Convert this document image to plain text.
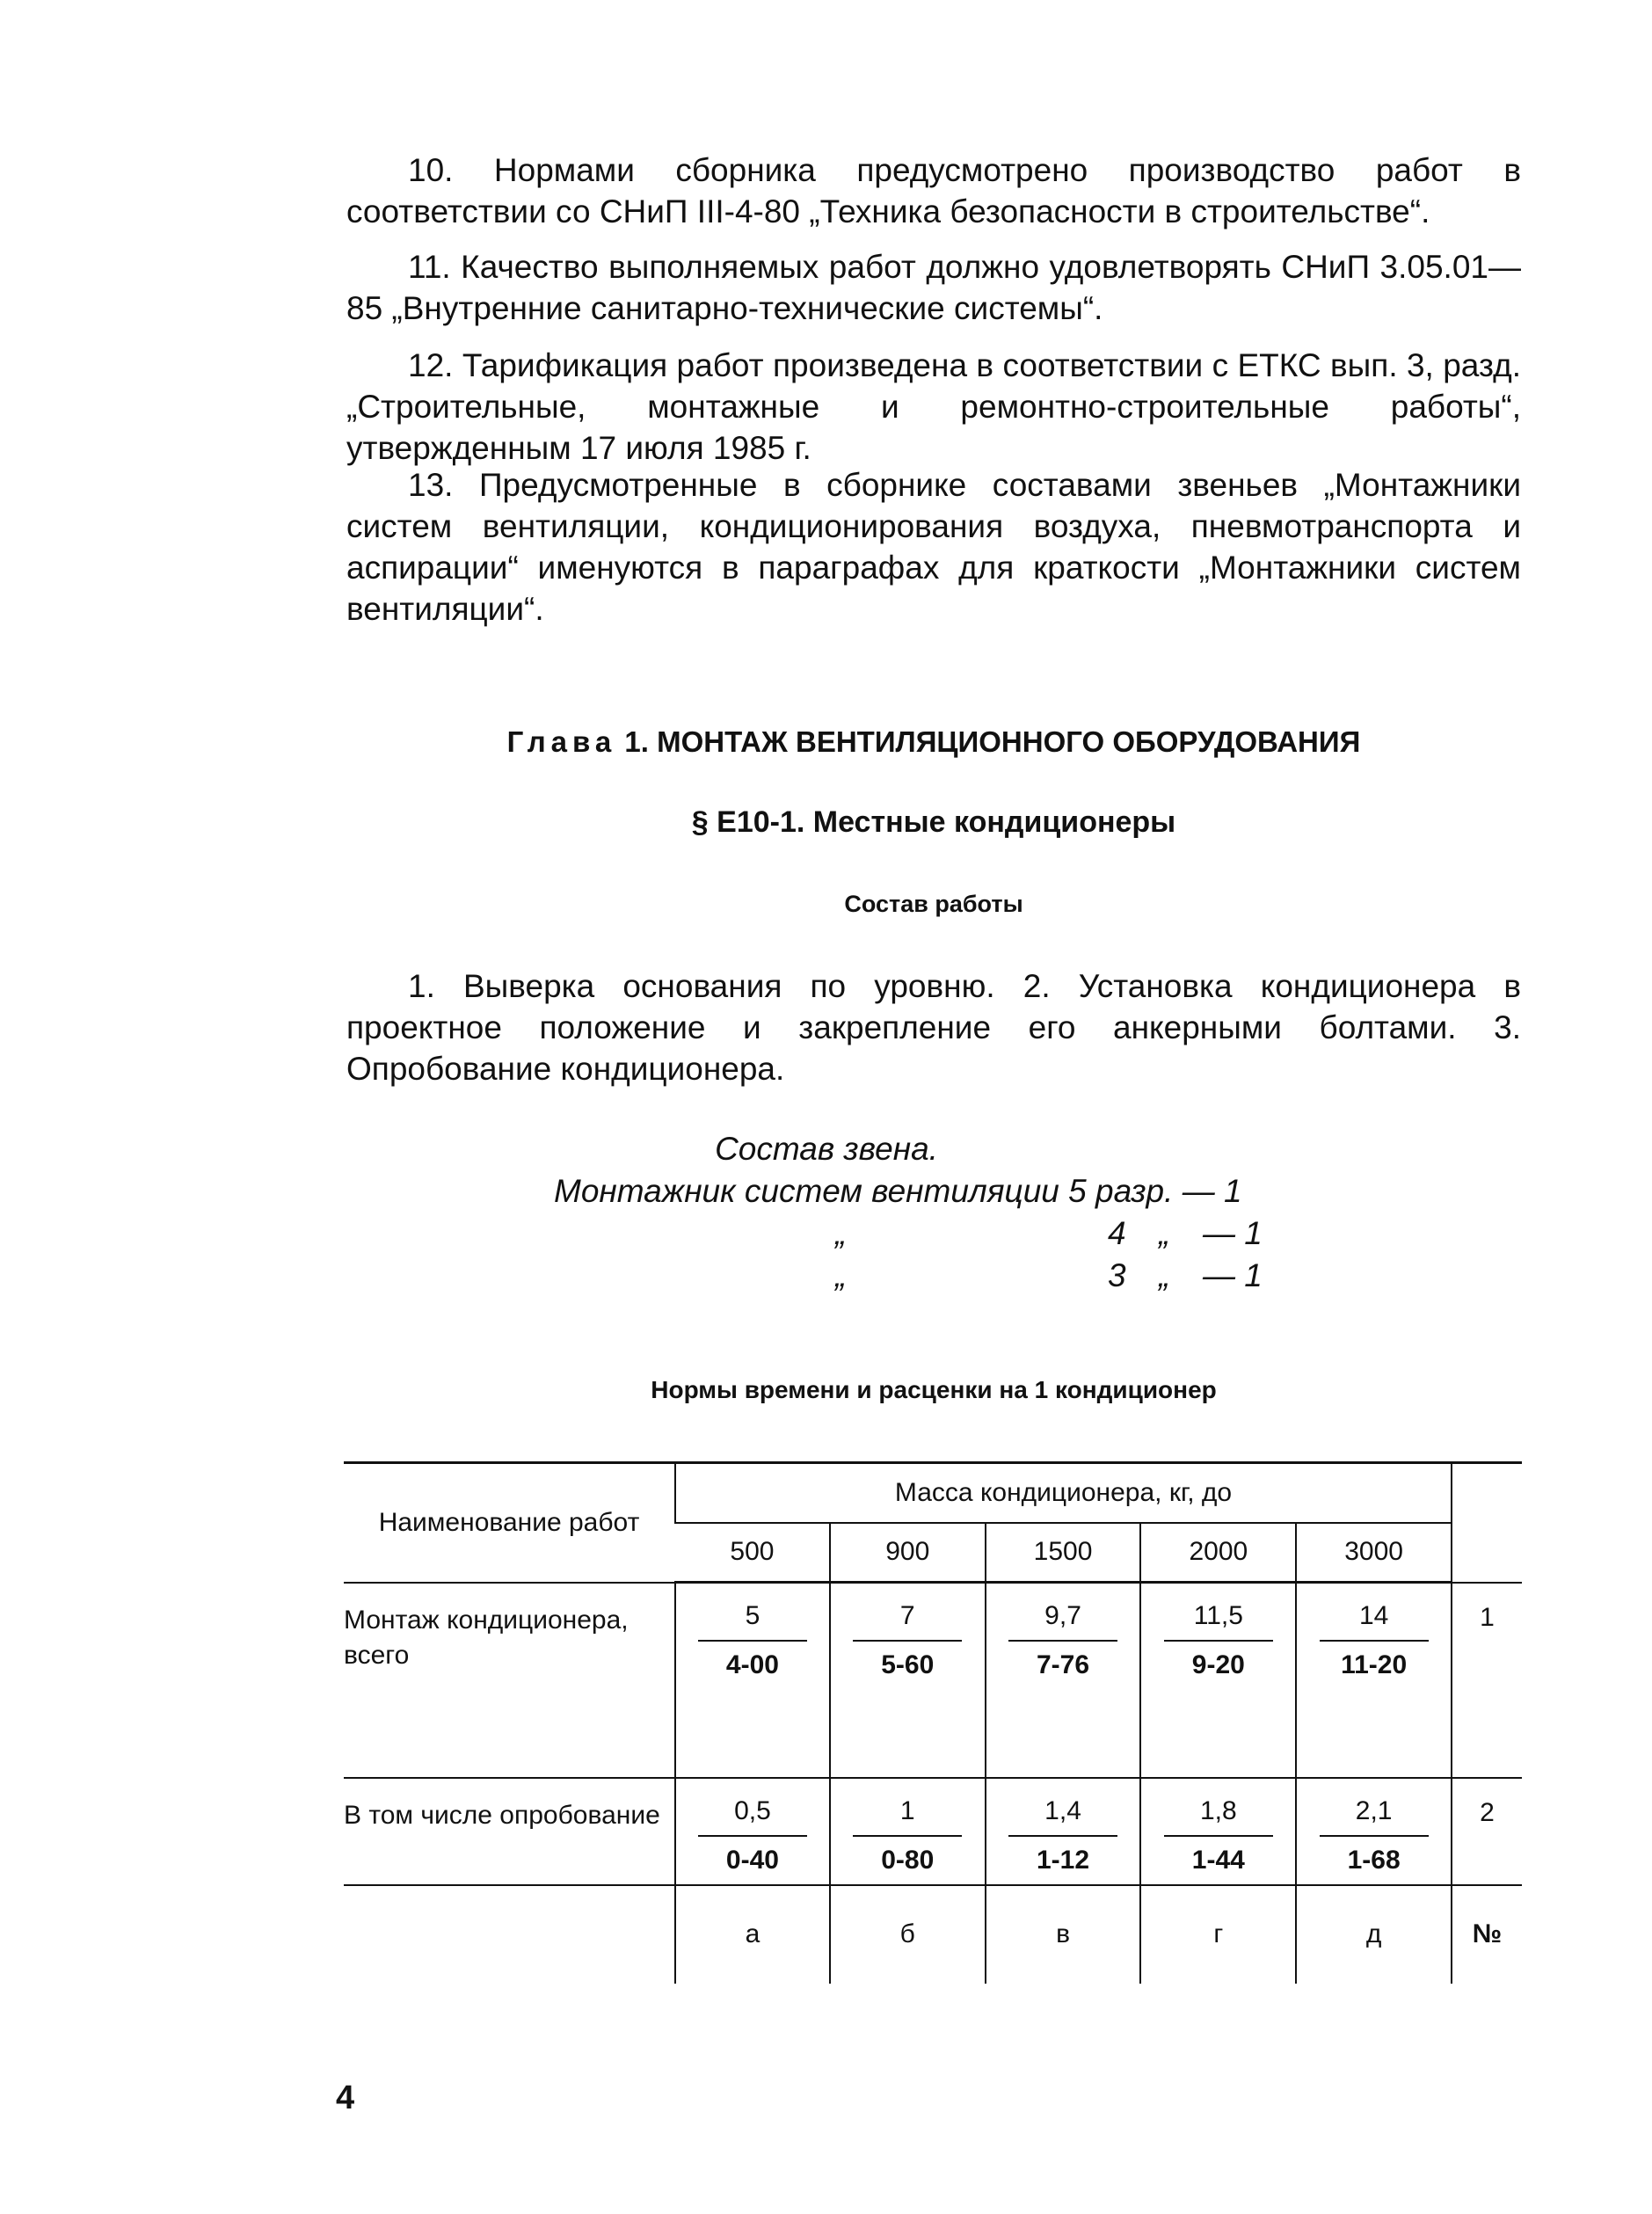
10. Нормами сборника предусмотрено производство работ в соответствии со СНиП III-4-80 „Техника безопасности в строительстве“.

11. Качество выполняемых работ должно удовлетворять СНиП 3.05.01—85 „Внутренние санитарно-технические системы“.

12. Тарификация работ произведена в соответствии с ЕТКС вып. 3, разд. „Строительные, монтажные и ремонтно-строительные работы“, утвержденным 17 июля 1985 г.

13. Предусмотренные в сборнике составами звеньев „Монтажники систем вентиляции, кондиционирования воздуха, пневмотранспорта и аспирации“ именуются в параграфах для краткости „Монтажники систем вентиляции“.

Глава 1. МОНТАЖ ВЕНТИЛЯЦИОННОГО ОБОРУДОВАНИЯ
§ Е10-1. Местные кондиционеры
Состав работы

1. Выверка основания по уровню. 2. Установка кондиционера в проектное положение и закрепление его анкерными болтами. 3. Опробование кондиционера.

Состав звена.
Монтажник систем вентиляции 5 разр. — 1
„	4 „ — 1
„	3 „ — 1
Нормы времени и расценки на 1 кондиционер
Наименование работ	Масса кондиционера, кг, до					
	500	900	1500	2000	3000	
Монтаж кондиционера, всего	$\frac{5}{4-00}$	$\frac{7}{5-60}$	$\frac{9,7}{7-76}$	$\frac{11,5}{9-20}$	$\frac{14}{11-20}$	1
В том числе опробование	$\frac{0,5}{0-40}$	$\frac{1}{0-80}$	$\frac{1,4}{1-12}$	$\frac{1,8}{1-44}$	$\frac{2,1}{1-68}$	2
	а	б	в	г	д	№
4
